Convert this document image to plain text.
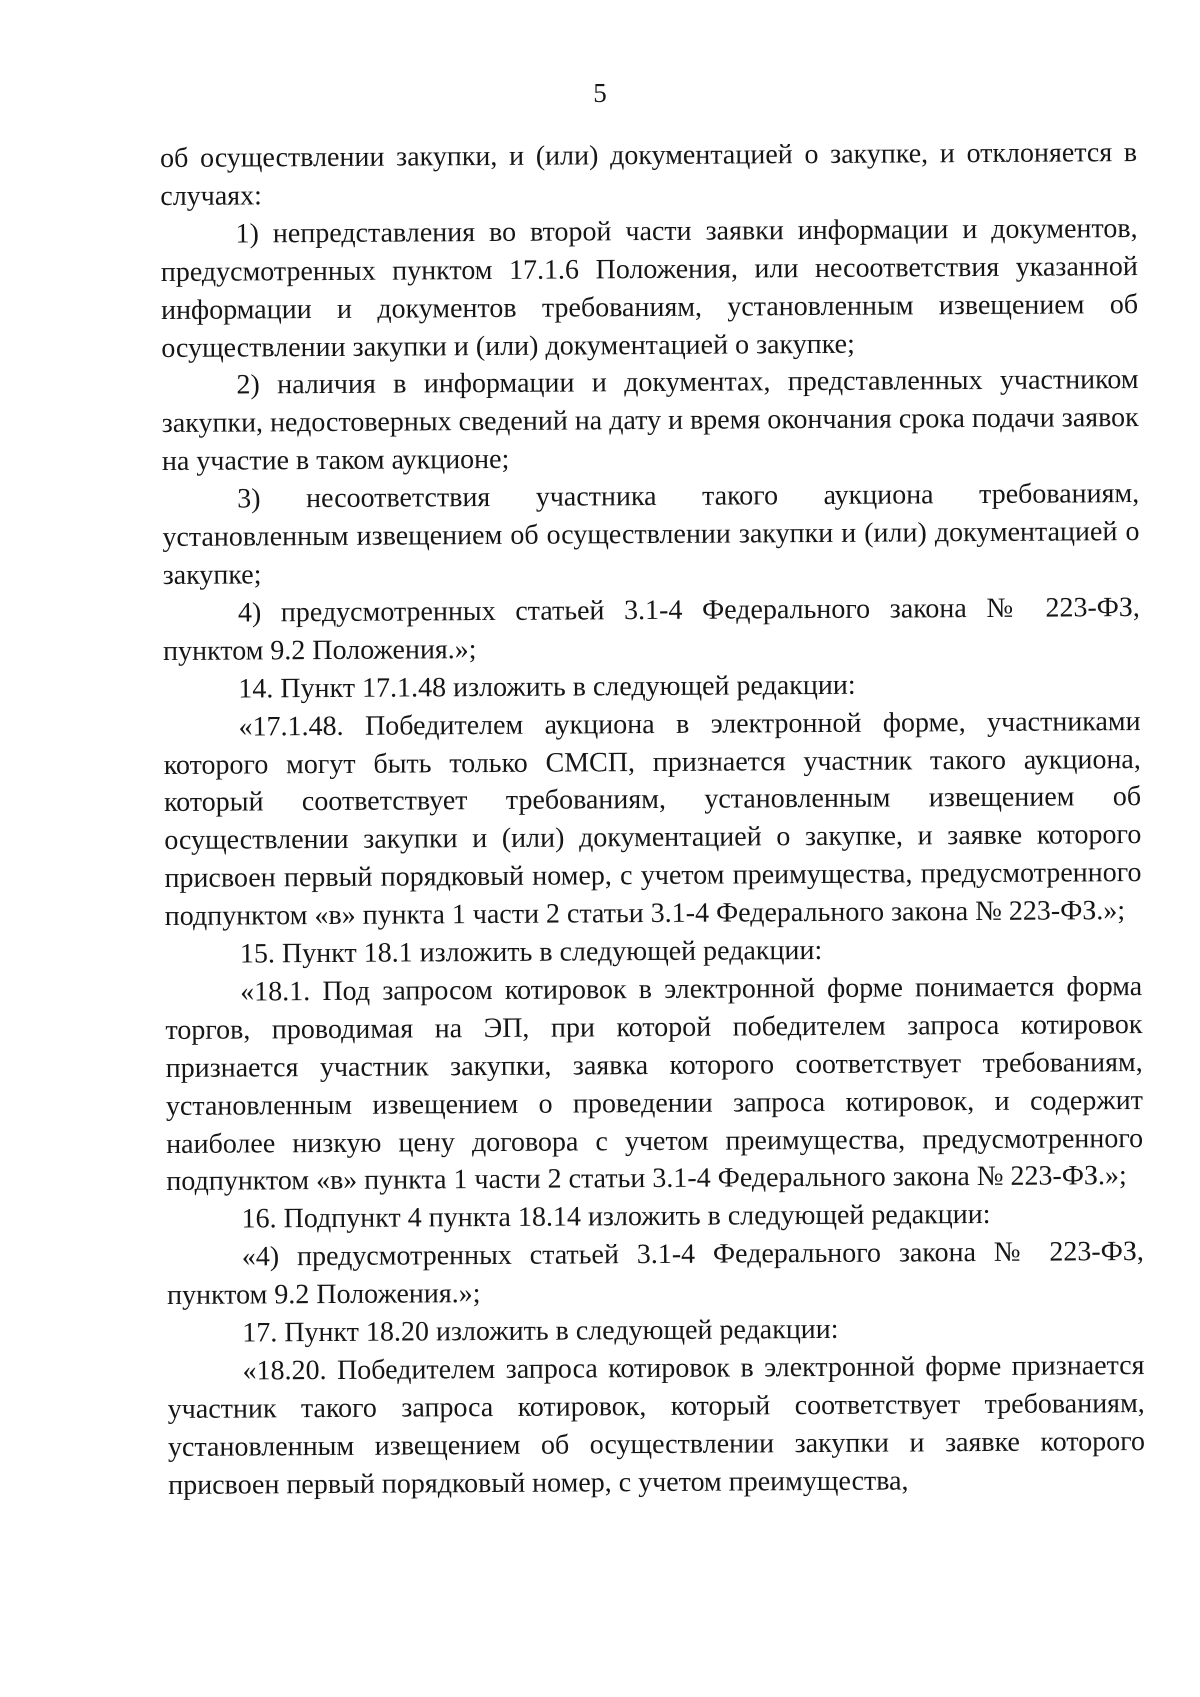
5

об осуществлении закупки, и (или) документацией о закупке, и отклоняется в случаях:

1) непредставления во второй части заявки информации и документов, предусмотренных пунктом 17.1.6 Положения, или несоответствия указанной информации и документов требованиям, установленным извещением об осуществлении закупки и (или) документацией о закупке;

2) наличия в информации и документах, представленных участником закупки, недостоверных сведений на дату и время окончания срока подачи заявок на участие в таком аукционе;

3) несоответствия участника такого аукциона требованиям, установленным извещением об осуществлении закупки и (или) документацией о закупке;

4) предусмотренных статьей 3.1-4 Федерального закона № 223-ФЗ, пунктом 9.2 Положения.»;

14. Пункт 17.1.48 изложить в следующей редакции:

«17.1.48. Победителем аукциона в электронной форме, участниками которого могут быть только СМСП, признается участник такого аукциона, который соответствует требованиям, установленным извещением об осуществлении закупки и (или) документацией о закупке, и заявке которого присвоен первый порядковый номер, с учетом преимущества, предусмотренного подпунктом «в» пункта 1 части 2 статьи 3.1-4 Федерального закона № 223-ФЗ.»;

15. Пункт 18.1 изложить в следующей редакции:

«18.1. Под запросом котировок в электронной форме понимается форма торгов, проводимая на ЭП, при которой победителем запроса котировок признается участник закупки, заявка которого соответствует требованиям, установленным извещением о проведении запроса котировок, и содержит наиболее низкую цену договора с учетом преимущества, предусмотренного подпунктом «в» пункта 1 части 2 статьи 3.1-4 Федерального закона № 223-ФЗ.»;

16. Подпункт 4 пункта 18.14 изложить в следующей редакции:

«4) предусмотренных статьей 3.1-4 Федерального закона № 223-ФЗ, пунктом 9.2 Положения.»;

17. Пункт 18.20 изложить в следующей редакции:

«18.20. Победителем запроса котировок в электронной форме признается участник такого запроса котировок, который соответствует требованиям, установленным извещением об осуществлении закупки и заявке которого присвоен первый порядковый номер, с учетом преимущества,
